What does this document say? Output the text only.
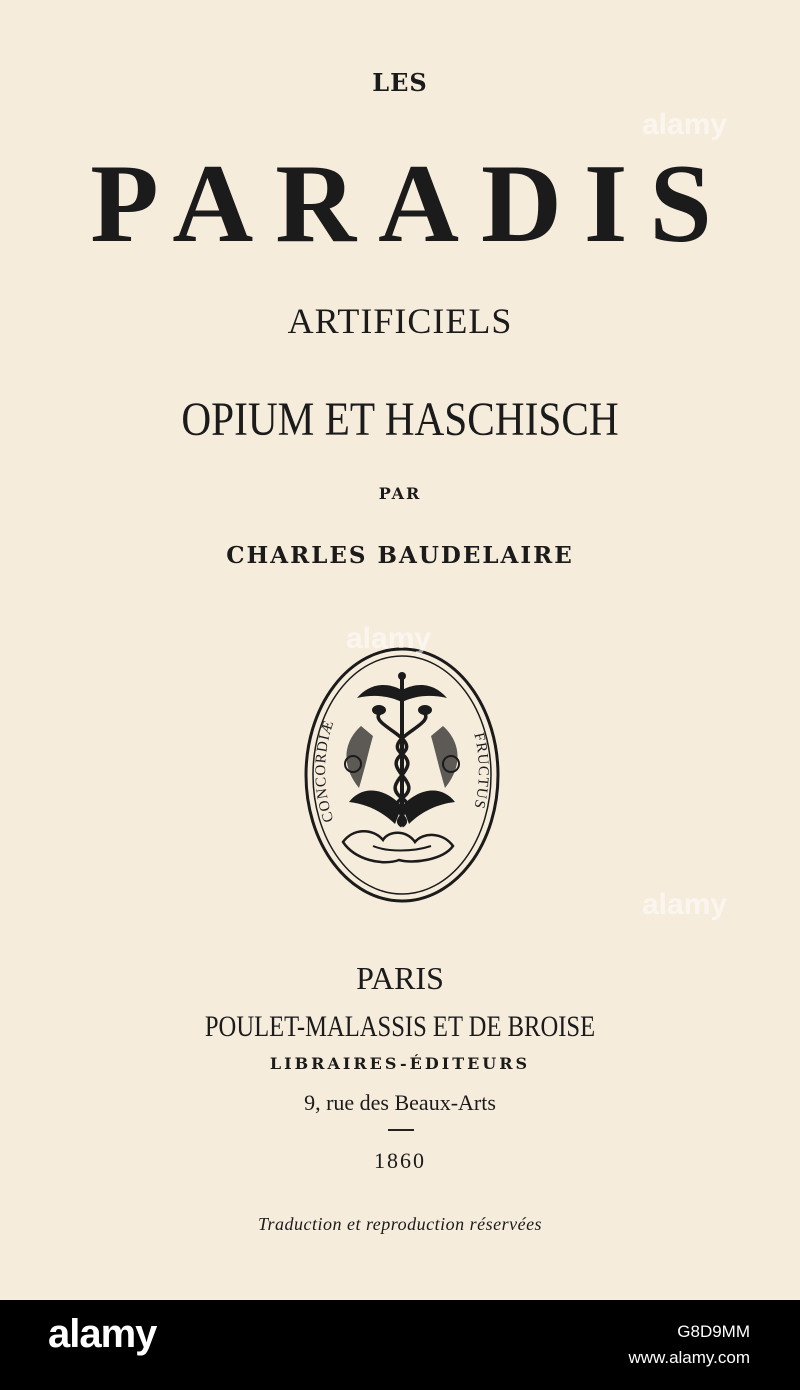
LES
PARADIS
ARTIFICIELS
OPIUM ET HASCHISCH
PAR
CHARLES BAUDELAIRE
CONCORDIÆ
FRUCTUS
PARIS
POULET-MALASSIS ET DE BROISE
LIBRAIRES-ÉDITEURS
9, rue des Beaux-Arts
1860
Traduction et reproduction réservées
alamy
alamy
alamy
alamy	G8D9MM
www.alamy.com
